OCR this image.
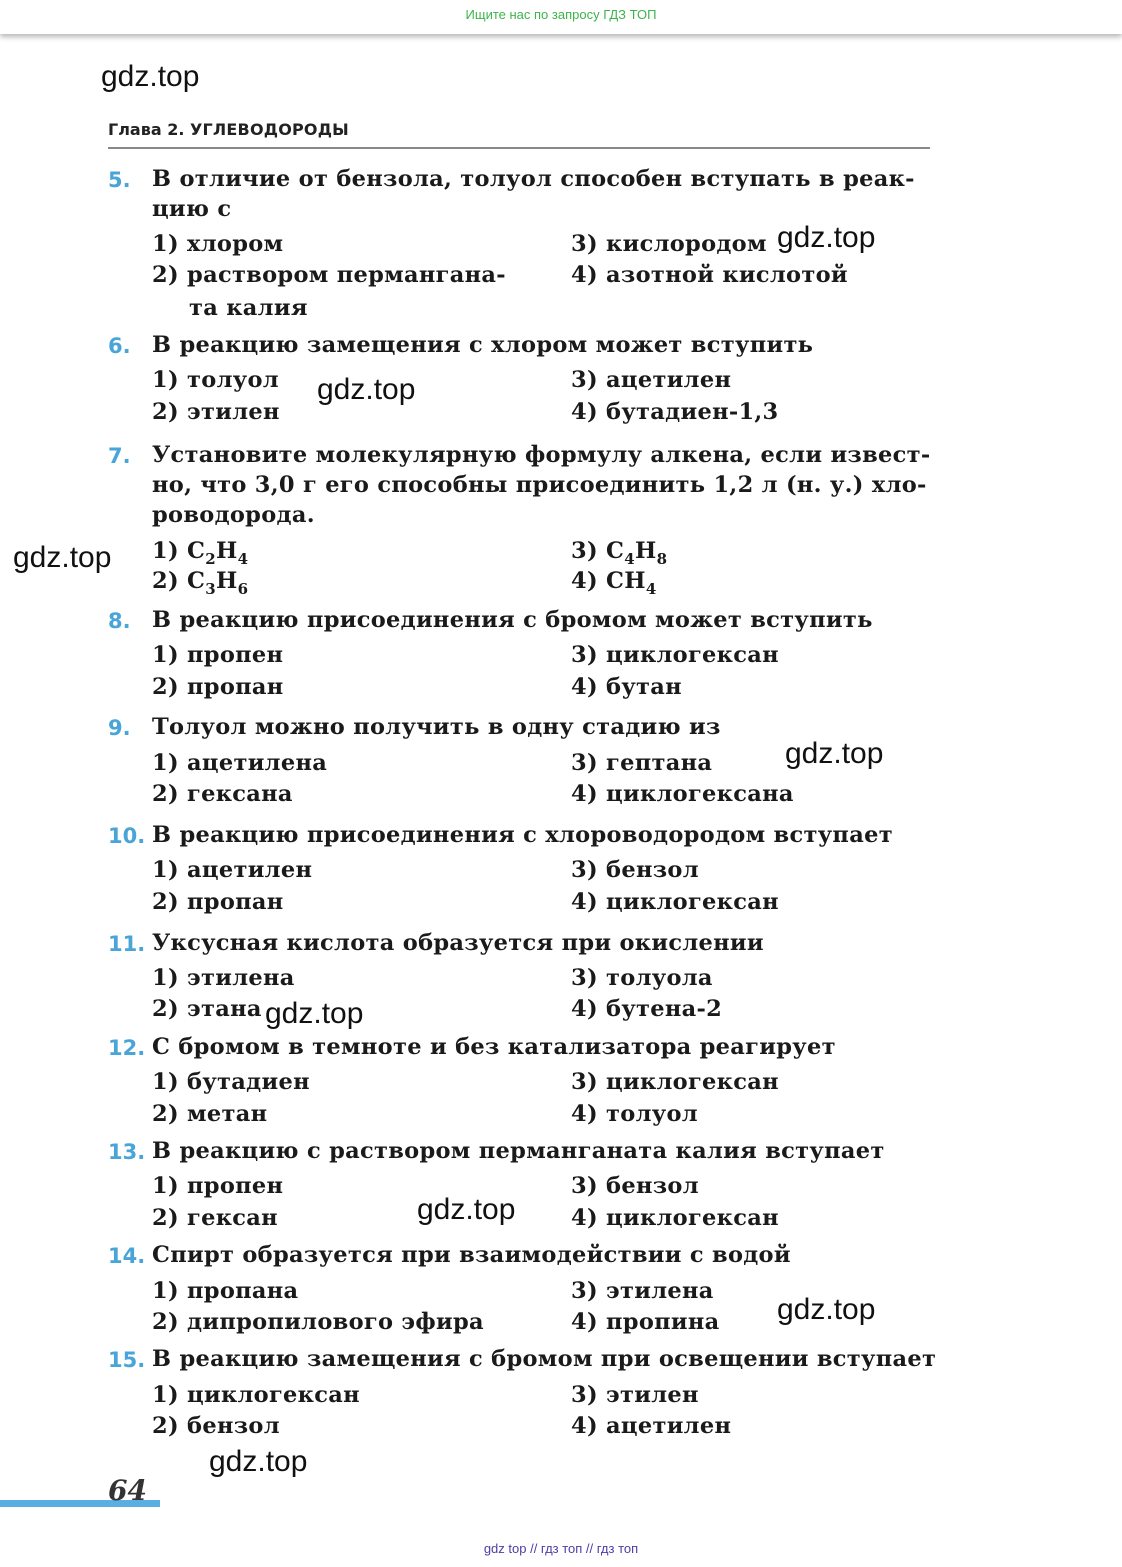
Ищите нас по запросу ГДЗ ТОП
gdz.top
gdz.top
gdz.top
gdz.top
gdz.top
gdz.top
gdz.top
gdz.top
gdz.top
Глава 2. УГЛЕВОДОРОДЫ
5. В отличие от бензола, толуол способен вступать в реак-
цию с
1) хлором	3) кислородом
2) раствором пермангана-	4) азотной кислотой
та калия
6. В реакцию замещения с хлором может вступить
1) толуол	3) ацетилен
2) этилен	4) бутадиен-1,3
7. Установите молекулярную формулу алкена, если извест-
но, что 3,0 г его способны присоединить 1,2 л (н. у.) хло-
роводорода.
1) $C_2H_4$	3) $C_4H_8$
2) $C_3H_6$	4) $CH_4$
8. В реакцию присоединения с бромом может вступить
1) пропен	3) циклогексан
2) пропан	4) бутан
9. Толуол можно получить в одну стадию из
1) ацетилена	3) гептана
2) гексана	4) циклогексана
10. В реакцию присоединения с хлороводородом вступает
1) ацетилен	3) бензол
2) пропан	4) циклогексан
11. Уксусная кислота образуется при окислении
1) этилена	3) толуола
2) этана	4) бутена-2
12. С бромом в темноте и без катализатора реагирует
1) бутадиен	3) циклогексан
2) метан	4) толуол
13. В реакцию с раствором перманганата калия вступает
1) пропен	3) бензол
2) гексан	4) циклогексан
14. Спирт образуется при взаимодействии с водой
1) пропана	3) этилена
2) дипропилового эфира	4) пропина
15. В реакцию замещения с бромом при освещении вступает
1) циклогексан	3) этилен
2) бензол	4) ацетилен
64
gdz top // гдз топ // гдз топ
